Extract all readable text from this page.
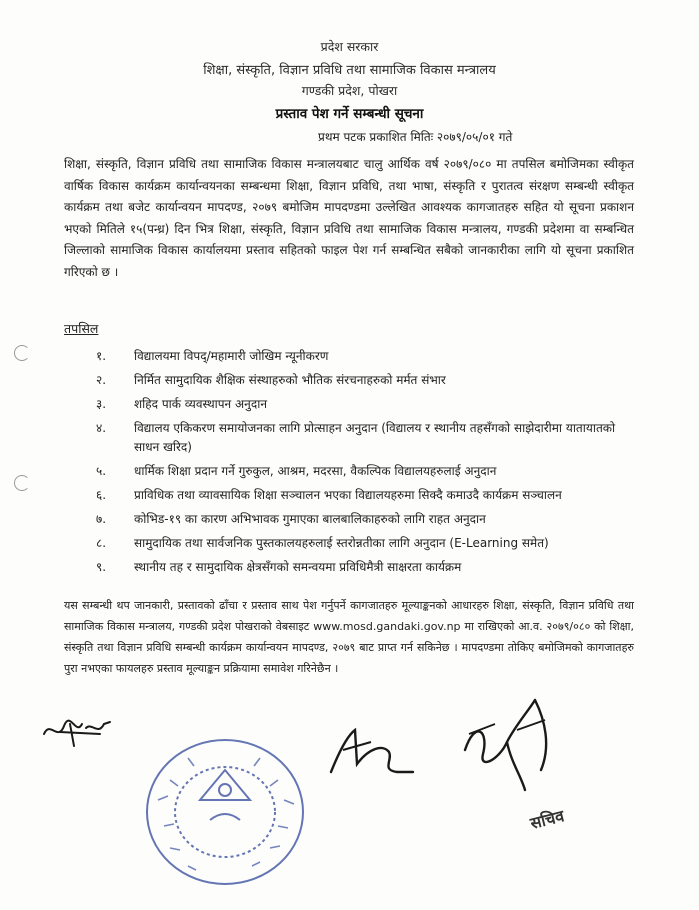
प्रदेश सरकार
शिक्षा, संस्कृति, विज्ञान प्रविधि तथा सामाजिक विकास मन्त्रालय
गण्डकी प्रदेश, पोखरा
प्रस्ताव पेश गर्ने सम्बन्धी सूचना
प्रथम पटक प्रकाशित मितिः २०७९/०५/०१ गते

शिक्षा, संस्कृति, विज्ञान प्रविधि तथा सामाजिक विकास मन्त्रालयबाट चालु आर्थिक वर्ष २०७९/०८० मा तपसिल बमोजिमका स्वीकृत वार्षिक विकास कार्यक्रम कार्यान्वयनका सम्बन्धमा शिक्षा, विज्ञान प्रविधि, तथा भाषा, संस्कृति र पुरातत्व संरक्षण सम्बन्धी स्वीकृत कार्यक्रम तथा बजेट कार्यान्वयन मापदण्ड, २०७९ बमोजिम मापदण्डमा उल्लेखित आवश्यक कागजातहरु सहित यो सूचना प्रकाशन भएको मितिले १५(पन्ध्र) दिन भित्र शिक्षा, संस्कृति, विज्ञान प्रविधि तथा सामाजिक विकास मन्त्रालय, गण्डकी प्रदेशमा वा सम्बन्धित जिल्लाको सामाजिक विकास कार्यालयमा प्रस्ताव सहितको फाइल पेश गर्न सम्बन्धित सबैको जानकारीका लागि यो सूचना प्रकाशित गरिएको छ ।

तपसिल
१. विद्यालयमा विपद्/महामारी जोखिम न्यूनीकरण
२. निर्मित सामुदायिक शैक्षिक संस्थाहरुको भौतिक संरचनाहरुको मर्मत संभार
३. शहिद पार्क व्यवस्थापन अनुदान
४. विद्यालय एकिकरण समायोजनका लागि प्रोत्साहन अनुदान (विद्यालय र स्थानीय तहसँगको साझेदारीमा यातायातको साधन खरिद)
५. धार्मिक शिक्षा प्रदान गर्ने गुरुकुल, आश्रम, मदरसा, वैकल्पिक विद्यालयहरुलाई अनुदान
६. प्राविधिक तथा व्यावसायिक शिक्षा सञ्चालन भएका विद्यालयहरुमा सिक्दै कमाउदै कार्यक्रम सञ्चालन
७. कोभिड-१९ का कारण अभिभावक गुमाएका बालबालिकाहरुको लागि राहत अनुदान
८. सामुदायिक तथा सार्वजनिक पुस्तकालयहरुलाई स्तरोन्नतीका लागि अनुदान (E-Learning समेत)
९. स्थानीय तह र सामुदायिक क्षेत्रसँगको समन्वयमा प्रविधिमैत्री साक्षरता कार्यक्रम

यस सम्बन्धी थप जानकारी, प्रस्तावको ढाँचा र प्रस्ताव साथ पेश गर्नुपर्ने कागजातहरु मूल्याङ्कनको आधारहरु शिक्षा, संस्कृति, विज्ञान प्रविधि तथा सामाजिक विकास मन्त्रालय, गण्डकी प्रदेश पोखराको वेबसाइट www.mosd.gandaki.gov.np मा राखिएको आ.व. २०७९/०८० को शिक्षा, संस्कृति तथा विज्ञान प्रविधि सम्बन्धी कार्यक्रम कार्यान्वयन मापदण्ड, २०७९ बाट प्राप्त गर्न सकिनेछ । मापदण्डमा तोकिए बमोजिमको कागजातहरु पुरा नभएका फायलहरु प्रस्ताव मूल्याङ्कन प्रक्रियामा समावेश गरिनेछैन ।

सचिव
